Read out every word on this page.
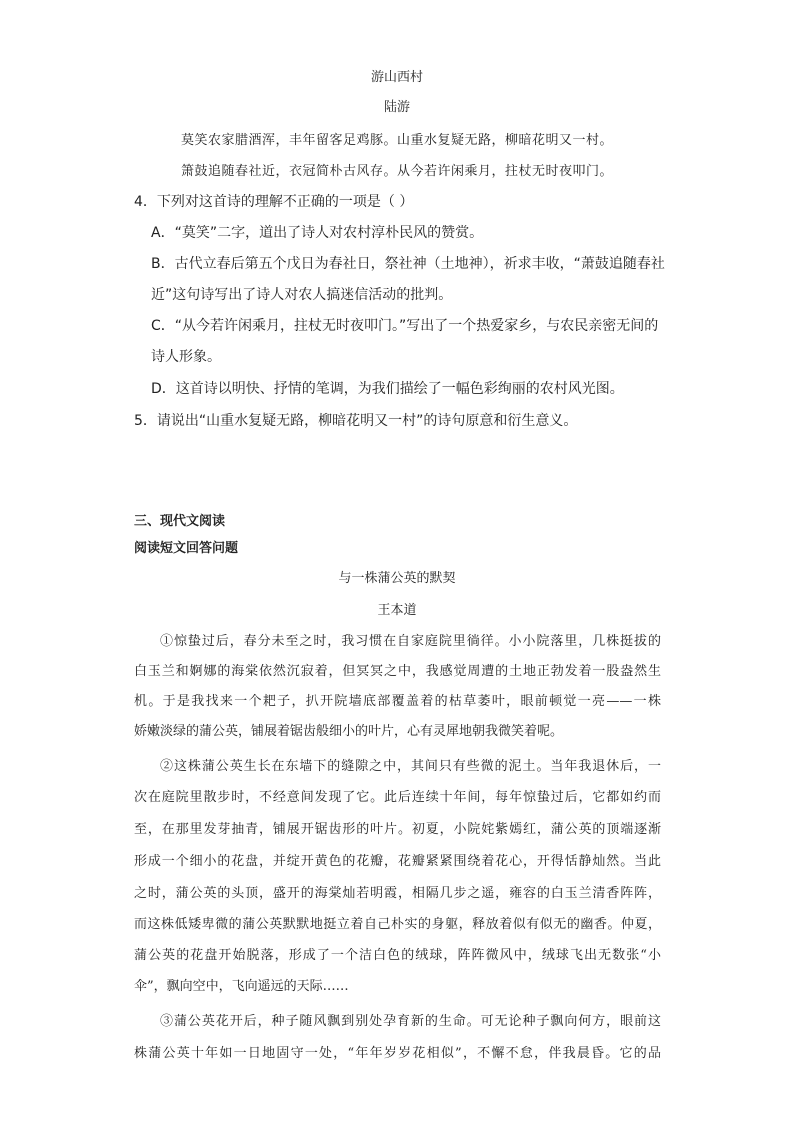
游山西村
陆游
莫笑农家腊酒浑，丰年留客足鸡豚。山重水复疑无路，柳暗花明又一村。
箫鼓追随春社近，衣冠简朴古风存。从今若许闲乘月，拄杖无时夜叩门。
4．下列对这首诗的理解不正确的一项是（ ）
A．“莫笑”二字，道出了诗人对农村淳朴民风的赞赏。
B．古代立春后第五个戊日为春社日，祭社神（土地神），祈求丰收，“萧鼓追随春社
近”这句诗写出了诗人对农人搞迷信活动的批判。
C．“从今若许闲乘月，拄杖无时夜叩门。”写出了一个热爱家乡，与农民亲密无间的
诗人形象。
D．这首诗以明快、抒情的笔调，为我们描绘了一幅色彩绚丽的农村风光图。
5．请说出“山重水复疑无路，柳暗花明又一村”的诗句原意和衍生意义。
三、现代文阅读
阅读短文回答问题
与一株蒲公英的默契
王本道
①惊蛰过后，春分未至之时，我习惯在自家庭院里徜徉。小小院落里，几株挺拔的
白玉兰和婀娜的海棠依然沉寂着，但冥冥之中，我感觉周遭的土地正勃发着一股盎然生
机。于是我找来一个耙子，扒开院墙底部覆盖着的枯草萎叶，眼前顿觉一亮——一株
娇嫩淡绿的蒲公英，铺展着锯齿般细小的叶片，心有灵犀地朝我微笑着呢。
②这株蒲公英生长在东墙下的缝隙之中，其间只有些微的泥土。当年我退休后，一
次在庭院里散步时，不经意间发现了它。此后连续十年间，每年惊蛰过后，它都如约而
至，在那里发芽抽青，铺展开锯齿形的叶片。初夏，小院姹紫嫣红，蒲公英的顶端逐渐
形成一个细小的花盘，并绽开黄色的花瓣，花瓣紧紧围绕着花心，开得恬静灿然。当此
之时，蒲公英的头顶，盛开的海棠灿若明霞，相隔几步之遥，雍容的白玉兰清香阵阵，
而这株低矮卑微的蒲公英默默地挺立着自己朴实的身躯，释放着似有似无的幽香。仲夏，
蒲公英的花盘开始脱落，形成了一个洁白色的绒球，阵阵微风中，绒球飞出无数张“小
伞”，飘向空中，飞向遥远的天际……
③蒲公英花开后，种子随风飘到别处孕育新的生命。可无论种子飘向何方，眼前这
株蒲公英十年如一日地固守一处，“年年岁岁花相似”，不懈不怠，伴我晨昏。它的品
